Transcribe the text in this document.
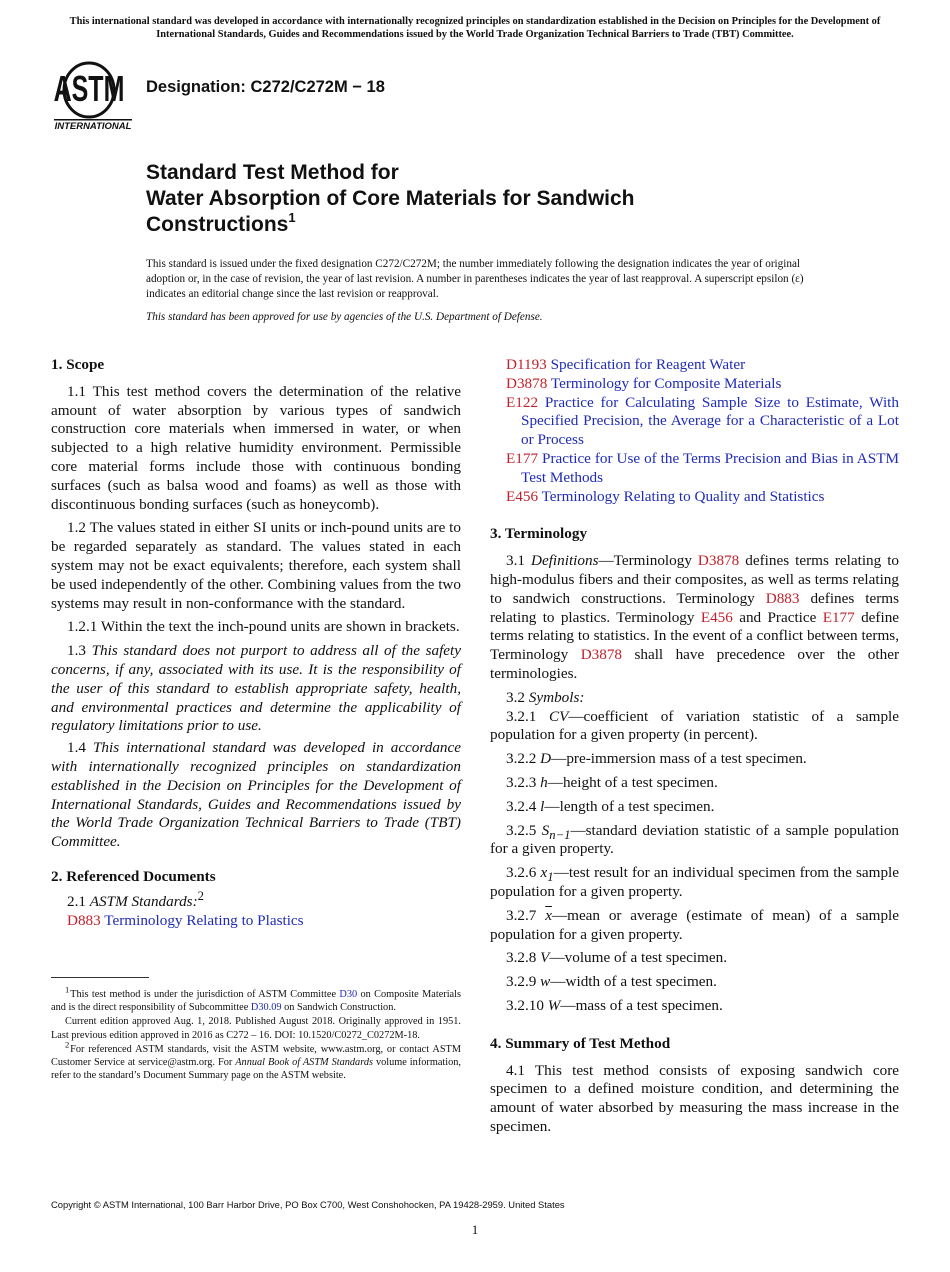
This international standard was developed in accordance with internationally recognized principles on standardization established in the Decision on Principles for the Development of International Standards, Guides and Recommendations issued by the World Trade Organization Technical Barriers to Trade (TBT) Committee.
ASTM
INTERNATIONAL
Designation: C272/C272M − 18
Standard Test Method for
Water Absorption of Core Materials for Sandwich
Constructions$^1$

This standard is issued under the fixed designation C272/C272M; the number immediately following the designation indicates the year of original adoption or, in the case of revision, the year of last revision. A number in parentheses indicates the year of last reapproval. A superscript epsilon (ε) indicates an editorial change since the last revision or reapproval.

This standard has been approved for use by agencies of the U.S. Department of Defense.
1. Scope

1.1 This test method covers the determination of the relative amount of water absorption by various types of sandwich construction core materials when immersed in water, or when subjected to a high relative humidity environment. Permissible core material forms include those with continuous bonding surfaces (such as balsa wood and foams) as well as those with discontinuous bonding surfaces (such as honeycomb).

1.2 The values stated in either SI units or inch-pound units are to be regarded separately as standard. The values stated in each system may not be exact equivalents; therefore, each system shall be used independently of the other. Combining values from the two systems may result in non-conformance with the standard.

1.2.1 Within the text the inch-pound units are shown in brackets.

1.3 This standard does not purport to address all of the safety concerns, if any, associated with its use. It is the responsibility of the user of this standard to establish appropriate safety, health, and environmental practices and determine the applicability of regulatory limitations prior to use.

1.4 This international standard was developed in accordance with internationally recognized principles on standardization established in the Decision on Principles for the Development of International Standards, Guides and Recommendations issued by the World Trade Organization Technical Barriers to Trade (TBT) Committee.

2. Referenced Documents

2.1 ASTM Standards:$^2$

D883 Terminology Relating to Plastics

$^1$ This test method is under the jurisdiction of ASTM Committee D30 on Composite Materials and is the direct responsibility of Subcommittee D30.09 on Sandwich Construction.

Current edition approved Aug. 1, 2018. Published August 2018. Originally approved in 1951. Last previous edition approved in 2016 as C272 – 16. DOI: 10.1520/C0272_C0272M-18.

$^2$ For referenced ASTM standards, visit the ASTM website, www.astm.org, or contact ASTM Customer Service at service@astm.org. For Annual Book of ASTM Standards volume information, refer to the standard’s Document Summary page on the ASTM website.

D1193 Specification for Reagent Water

D3878 Terminology for Composite Materials

E122 Practice for Calculating Sample Size to Estimate, With Specified Precision, the Average for a Characteristic of a Lot or Process

E177 Practice for Use of the Terms Precision and Bias in ASTM Test Methods

E456 Terminology Relating to Quality and Statistics

3. Terminology

3.1 Definitions—Terminology D3878 defines terms relating to high-modulus fibers and their composites, as well as terms relating to sandwich constructions. Terminology D883 defines terms relating to plastics. Terminology E456 and Practice E177 define terms relating to statistics. In the event of a conflict between terms, Terminology D3878 shall have precedence over the other terminologies.

3.2 Symbols:

3.2.1 CV—coefficient of variation statistic of a sample population for a given property (in percent).

3.2.2 D—pre-immersion mass of a test specimen.

3.2.3 h—height of a test specimen.

3.2.4 l—length of a test specimen.

3.2.5 $S_{n-1}—standard$ deviation statistic of a sample population for a given property.

3.2.6 $x_1—test$ result for an individual specimen from the sample population for a given property.

3.2.7 $\overline{x}—mean$ or average (estimate of mean) of a sample population for a given property.

3.2.8 V—volume of a test specimen.

3.2.9 w—width of a test specimen.

3.2.10 W—mass of a test specimen.

4. Summary of Test Method

4.1 This test method consists of exposing sandwich core specimen to a defined moisture condition, and determining the amount of water absorbed by measuring the mass increase in the specimen.

Copyright © ASTM International, 100 Barr Harbor Drive, PO Box C700, West Conshohocken, PA 19428-2959. United States
1
